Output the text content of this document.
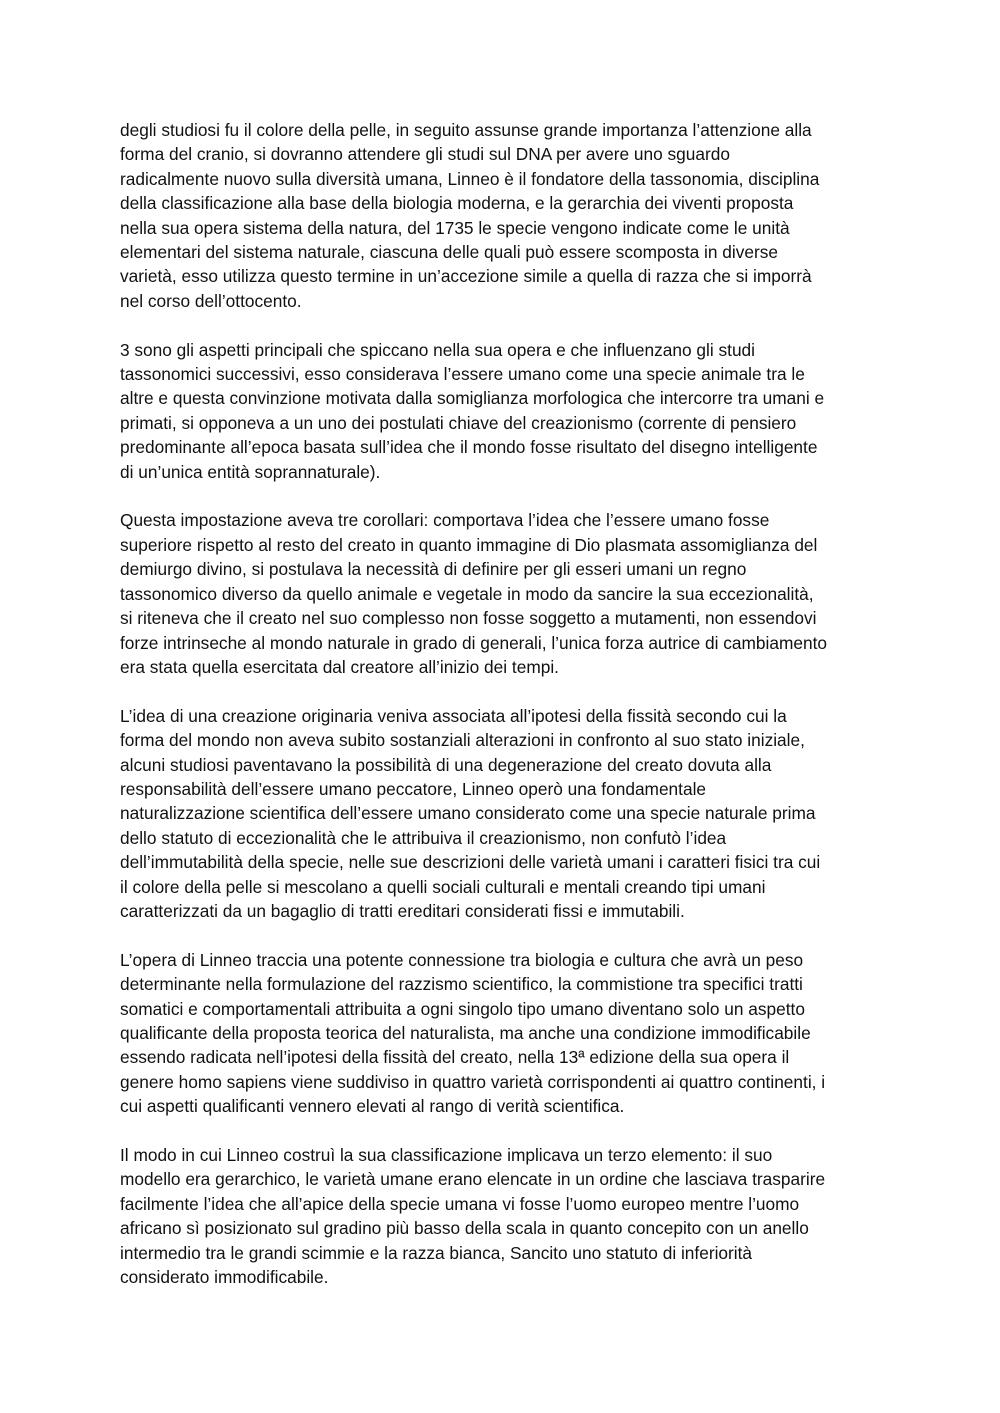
degli studiosi fu il colore della pelle, in seguito assunse grande importanza l’attenzione alla
forma del cranio, si dovranno attendere gli studi sul DNA per avere uno sguardo
radicalmente nuovo sulla diversità umana, Linneo è il fondatore della tassonomia, disciplina
della classificazione alla base della biologia moderna, e la gerarchia dei viventi proposta
nella sua opera sistema della natura, del 1735 le specie vengono indicate come le unità
elementari del sistema naturale, ciascuna delle quali può essere scomposta in diverse
varietà, esso utilizza questo termine in un’accezione simile a quella di razza che si imporrà
nel corso dell’ottocento.

3 sono gli aspetti principali che spiccano nella sua opera e che influenzano gli studi
tassonomici successivi, esso considerava l’essere umano come una specie animale tra le
altre e questa convinzione motivata dalla somiglianza morfologica che intercorre tra umani e
primati, si opponeva a un uno dei postulati chiave del creazionismo (corrente di pensiero
predominante all’epoca basata sull’idea che il mondo fosse risultato del disegno intelligente
di un’unica entità soprannaturale).

Questa impostazione aveva tre corollari: comportava l’idea che l’essere umano fosse
superiore rispetto al resto del creato in quanto immagine di Dio plasmata assomiglianza del
demiurgo divino, si postulava la necessità di definire per gli esseri umani un regno
tassonomico diverso da quello animale e vegetale in modo da sancire la sua eccezionalità,
si riteneva che il creato nel suo complesso non fosse soggetto a mutamenti, non essendovi
forze intrinseche al mondo naturale in grado di generali, l’unica forza autrice di cambiamento
era stata quella esercitata dal creatore all’inizio dei tempi.

L’idea di una creazione originaria veniva associata all’ipotesi della fissità secondo cui la
forma del mondo non aveva subito sostanziali alterazioni in confronto al suo stato iniziale,
alcuni studiosi paventavano la possibilità di una degenerazione del creato dovuta alla
responsabilità dell’essere umano peccatore, Linneo operò una fondamentale
naturalizzazione scientifica dell’essere umano considerato come una specie naturale prima
dello statuto di eccezionalità che le attribuiva il creazionismo, non confutò l’idea
dell’immutabilità della specie, nelle sue descrizioni delle varietà umani i caratteri fisici tra cui
il colore della pelle si mescolano a quelli sociali culturali e mentali creando tipi umani
caratterizzati da un bagaglio di tratti ereditari considerati fissi e immutabili.

L’opera di Linneo traccia una potente connessione tra biologia e cultura che avrà un peso
determinante nella formulazione del razzismo scientifico, la commistione tra specifici tratti
somatici e comportamentali attribuita a ogni singolo tipo umano diventano solo un aspetto
qualificante della proposta teorica del naturalista, ma anche una condizione immodificabile
essendo radicata nell’ipotesi della fissità del creato, nella 13ª edizione della sua opera il
genere homo sapiens viene suddiviso in quattro varietà corrispondenti ai quattro continenti, i
cui aspetti qualificanti vennero elevati al rango di verità scientifica.

Il modo in cui Linneo costruì la sua classificazione implicava un terzo elemento: il suo
modello era gerarchico, le varietà umane erano elencate in un ordine che lasciava trasparire
facilmente l’idea che all’apice della specie umana vi fosse l’uomo europeo mentre l’uomo
africano sì posizionato sul gradino più basso della scala in quanto concepito con un anello
intermedio tra le grandi scimmie e la razza bianca, Sancito uno statuto di inferiorità
considerato immodificabile.
